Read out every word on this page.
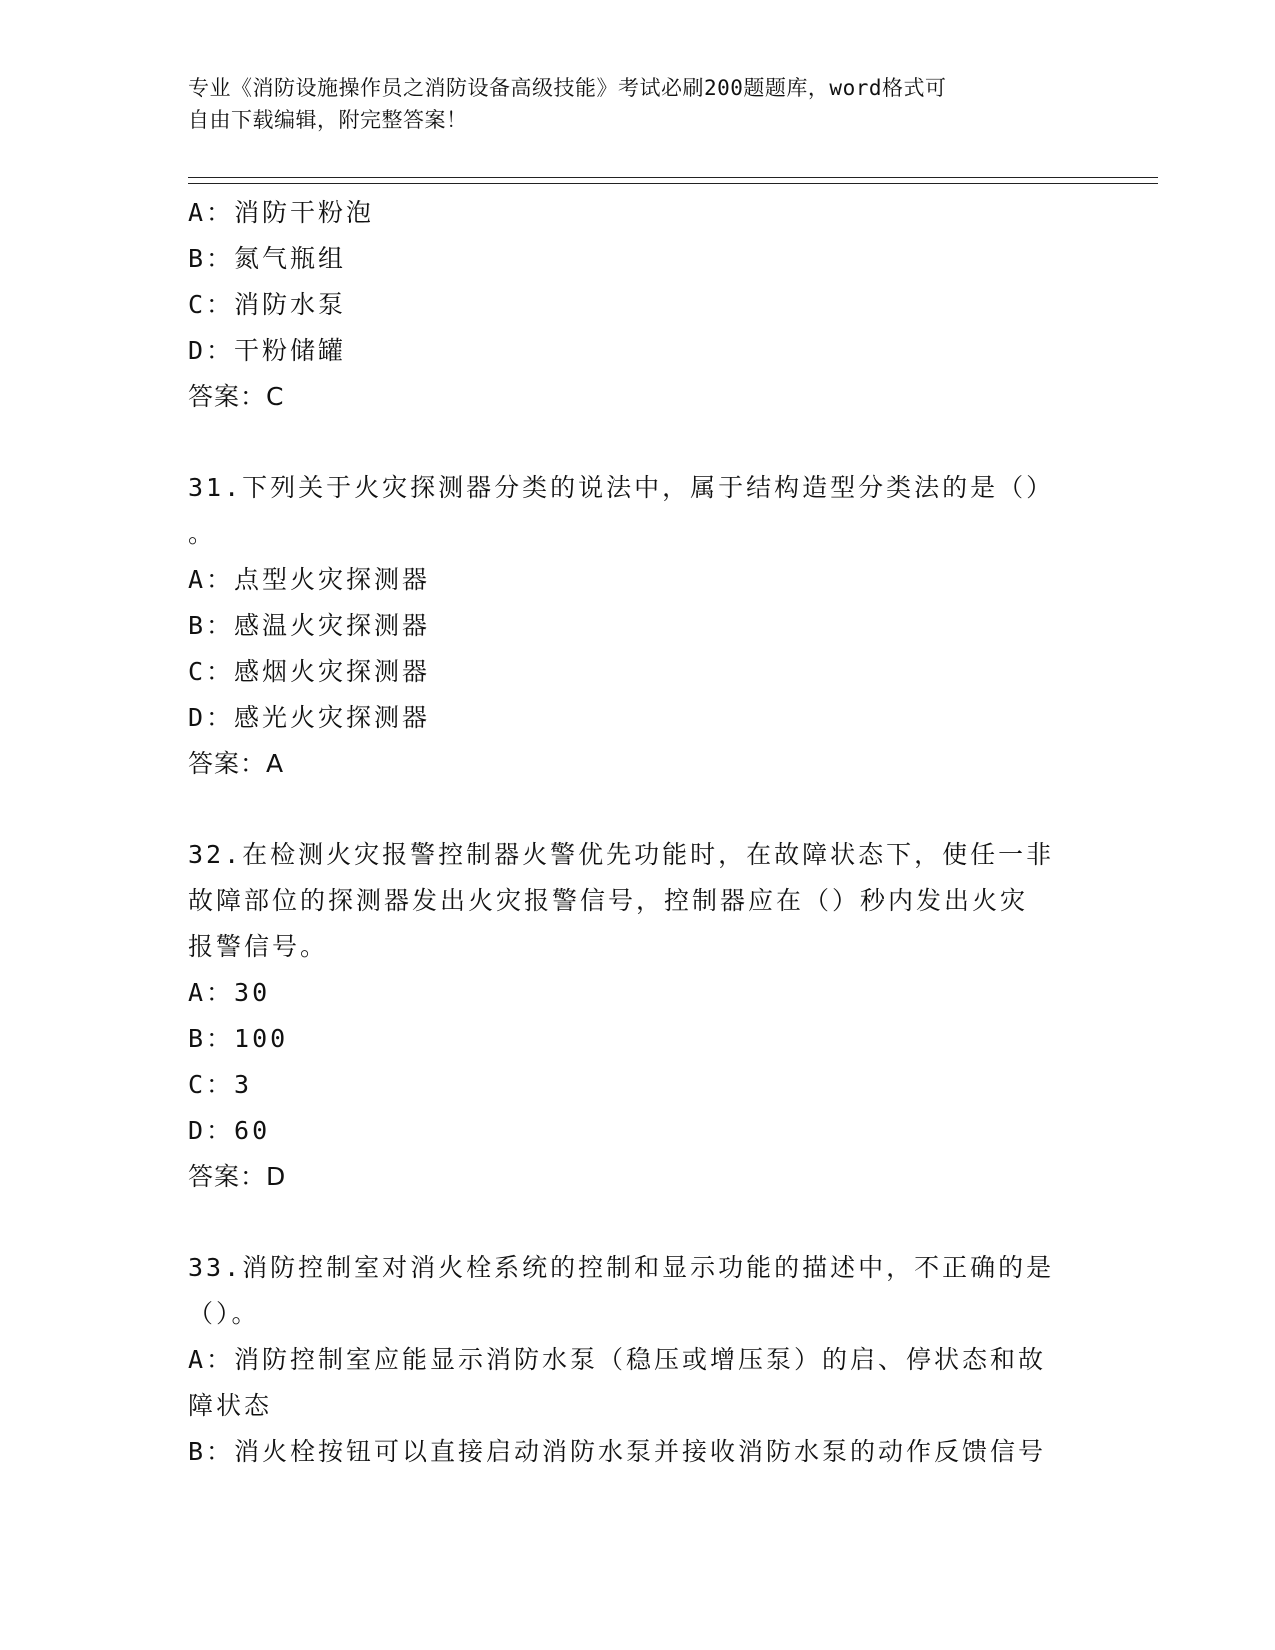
专业《消防设施操作员之消防设备高级技能》考试必刷200题题库，word格式可
自由下载编辑，附完整答案！
A：消防干粉泡
B：氮气瓶组
C：消防水泵
D：干粉储罐
答案：C
31.下列关于火灾探测器分类的说法中，属于结构造型分类法的是（）
。
A：点型火灾探测器
B：感温火灾探测器
C：感烟火灾探测器
D：感光火灾探测器
答案：A
32.在检测火灾报警控制器火警优先功能时，在故障状态下，使任一非
故障部位的探测器发出火灾报警信号，控制器应在（）秒内发出火灾
报警信号。
A：30
B：100
C：3
D：60
答案：D
33.消防控制室对消火栓系统的控制和显示功能的描述中，不正确的是
（）。
A：消防控制室应能显示消防水泵（稳压或增压泵）的启、停状态和故
障状态
B：消火栓按钮可以直接启动消防水泵并接收消防水泵的动作反馈信号
